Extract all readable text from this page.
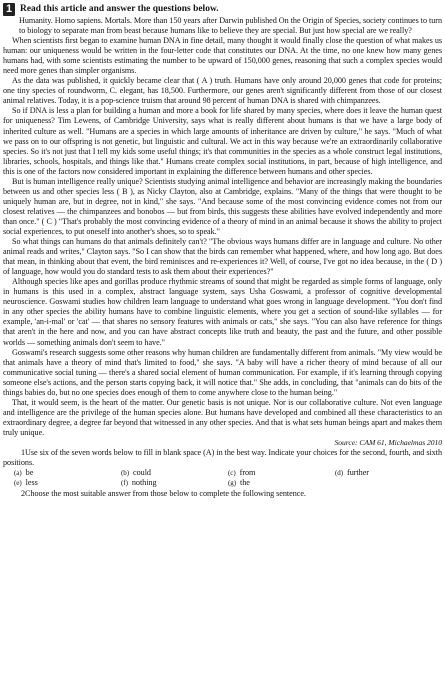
1 Read this article and answer the questions below.

Humanity. Homo sapiens. Mortals. More than 150 years after Darwin published On the Origin of Species, society continues to turn to biology to separate man from beast because humans like to believe they are special. But just how special are we really?

When scientists first began to examine human DNA in fine detail, many thought it would finally close the question of what makes us human: our uniqueness would be written in the four-letter code that constitutes our DNA. At the time, no one knew how many genes humans had, with some scientists estimating the number to be upward of 150,000 genes, reasoning that such a complex species would need more genes than simpler organisms.

As the data was published, it quickly became clear that ( A ) truth. Humans have only around 20,000 genes that code for proteins; one tiny species of roundworm, C. elegant, has 18,500. Furthermore, our genes aren't significantly different from those of our closest animal relatives. Today, it is a pop-science truism that around 98 percent of human DNA is shared with chimpanzees.

So if DNA is less a plan for building a human and more a book for life shared by many species, where does it leave the human quest for uniqueness? Tim Lewens, of Cambridge University, says what is really different about humans is that we have a large body of inherited culture as well. "Humans are a species in which large amounts of inheritance are driven by culture," he says. "Much of what we pass on to our offspring is not genetic, but linguistic and cultural. We act in this way because we're an extraordinarily collaborative species. So it's not just that I tell my kids some useful things; it's that communities in the species as a whole construct legal institutions, libraries, schools, hospitals, and things like that." Humans create complex social institutions, in part, because of high intelligence, and this is one of the factors now considered important in explaining the difference between humans and other species.

But is human intelligence really unique? Scientists studying animal intelligence and behavior are increasingly making the boundaries between us and other species less ( B ), as Nicky Clayton, also at Cambridge, explains. "Many of the things that were thought to be uniquely human are, but in degree, not in kind," she says. "And because some of the most convincing evidence comes not from our closest relatives — the chimpanzees and bonobos — but from birds, this suggests these abilities have evolved independently and more than once." ( C ) "That's probably the most convincing evidence of a theory of mind in an animal because it shows the ability to project social experiences, to put oneself into another's shoes, so to speak."

So what things can humans do that animals definitely can't? "The obvious ways humans differ are in language and culture. No other animal reads and writes," Clayton says. "So I can show that the birds can remember what happened, where, and how long ago. But does that mean, in thinking about that event, the bird reminisces and re-experiences it? Well, of course, I've got no idea because, in the ( D ) of language, how would you do standard tests to ask them about their experiences?"

Although species like apes and gorillas produce rhythmic streams of sound that might be regarded as simple forms of language, only in humans is this used in a complex, abstract language system, says Usha Goswami, a professor of cognitive developmental neuroscience. Goswami studies how children learn language to understand what goes wrong in language development. "You don't find in any other species the ability humans have to combine linguistic elements, where you get a section of sound-like syllables — for example, 'an-i-mal' or 'cat' — that shares no sensory features with animals or cats," she says. "You can also have reference for things that aren't in the here and now, and you can have abstract concepts like truth and beauty, the past and the future, and other possible worlds — something animals don't seem to have."

Goswami's research suggests some other reasons why human children are fundamentally different from animals. "My view would be that animals have a theory of mind that's limited to food," she says. "A baby will have a richer theory of mind because of all our communicative social tuning — there's a shared social element of human communication. For example, if it's learning through copying someone else's actions, and the person starts copying back, it will notice that." She adds, in concluding, that "animals can do bits of the things babies do, but no one species does enough of them to come anywhere close to the human being."

That, it would seem, is the heart of the matter. Our genetic basis is not unique. Nor is our collaborative culture. Not even language and intelligence are the privilege of the human species alone. But humans have developed and combined all these characteristics to an extraordinary degree, a degree far beyond that witnessed in any other species. And that is what sets human beings apart and makes them truly unique.

Source: CAM 61, Michaelmas 2010

1Use six of the seven words below to fill in blank space (A) in the best way. Indicate your choices for the second, fourth, and sixth positions.

(a) be	(b) could	(c) from	(d) further
(e) less	(f) nothing	(g) the

2Choose the most suitable answer from those below to complete the following sentence.
